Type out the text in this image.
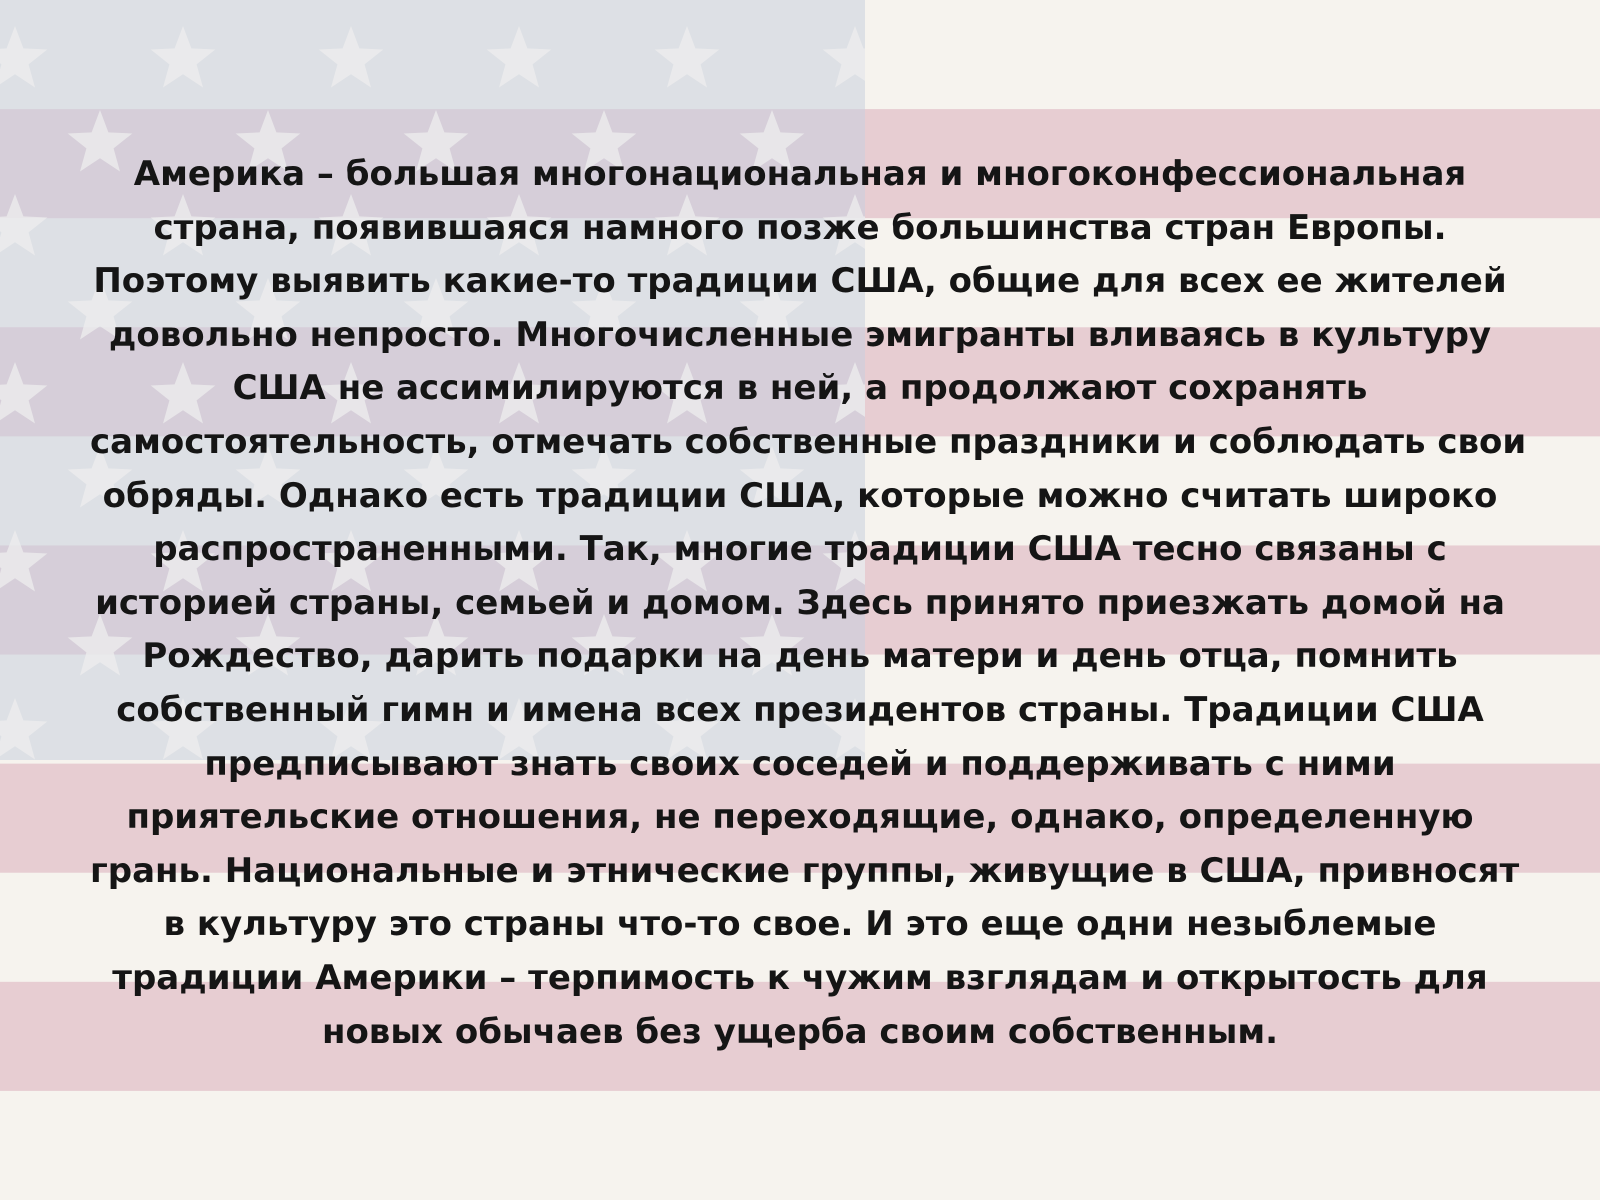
Америка – большая многонациональная и многоконфессиональная
страна, появившаяся намного позже большинства стран Европы.
Поэтому выявить какие-то традиции США, общие для всех ее жителей
довольно непросто. Многочисленные эмигранты вливаясь в культуру
США не ассимилируются в ней, а продолжают сохранять
самостоятельность, отмечать собственные праздники и соблюдать свои
обряды. Однако есть традиции США, которые можно считать широко
распространенными. Так, многие традиции США тесно связаны с
историей страны, семьей и домом. Здесь принято приезжать домой на
Рождество, дарить подарки на день матери и день отца, помнить
собственный гимн и имена всех президентов страны. Традиции США
предписывают знать своих соседей и поддерживать с ними
приятельские отношения, не переходящие, однако, определенную
грань. Национальные и этнические группы, живущие в США, привносят
в культуру это страны что-то свое. И это еще одни незыблемые
традиции Америки – терпимость к чужим взглядам и открытость для
новых обычаев без ущерба своим собственным.
